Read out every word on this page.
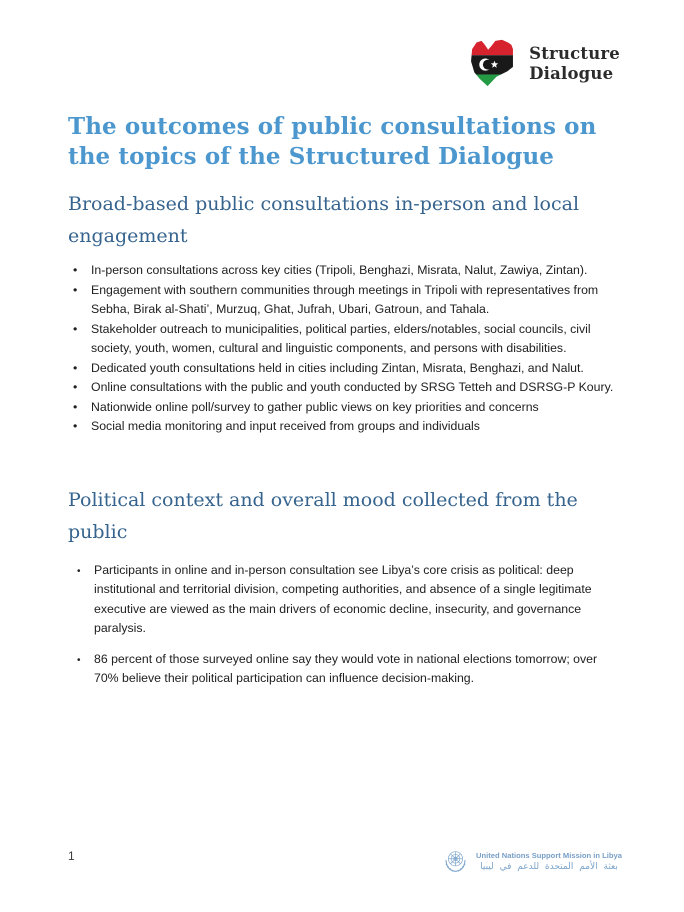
Structure
Dialogue
The outcomes of public consultations on
the topics of the Structured Dialogue
Broad-based public consultations in-person and local engagement
• In-person consultations across key cities (Tripoli, Benghazi, Misrata, Nalut, Zawiya, Zintan).
• Engagement with southern communities through meetings in Tripoli with representatives from Sebha, Birak al-Shati’, Murzuq, Ghat, Jufrah, Ubari, Gatroun, and Tahala.
• Stakeholder outreach to municipalities, political parties, elders/notables, social councils, civil society, youth, women, cultural and linguistic components, and persons with disabilities.
• Dedicated youth consultations held in cities including Zintan, Misrata, Benghazi, and Nalut.
• Online consultations with the public and youth conducted by SRSG Tetteh and DSRSG-P Koury.
• Nationwide online poll/survey to gather public views on key priorities and concerns
• Social media monitoring and input received from groups and individuals
Political context and overall mood collected from the public
• Participants in online and in-person consultation see Libya’s core crisis as political: deep institutional and territorial division, competing authorities, and absence of a single legitimate executive are viewed as the main drivers of economic decline, insecurity, and governance paralysis.
• 86 percent of those surveyed online say they would vote in national elections tomorrow; over 70% believe their political participation can influence decision-making.
1	United Nations Support Mission in Libya
بعثة الأمم المتحدة للدعم في ليبيا
